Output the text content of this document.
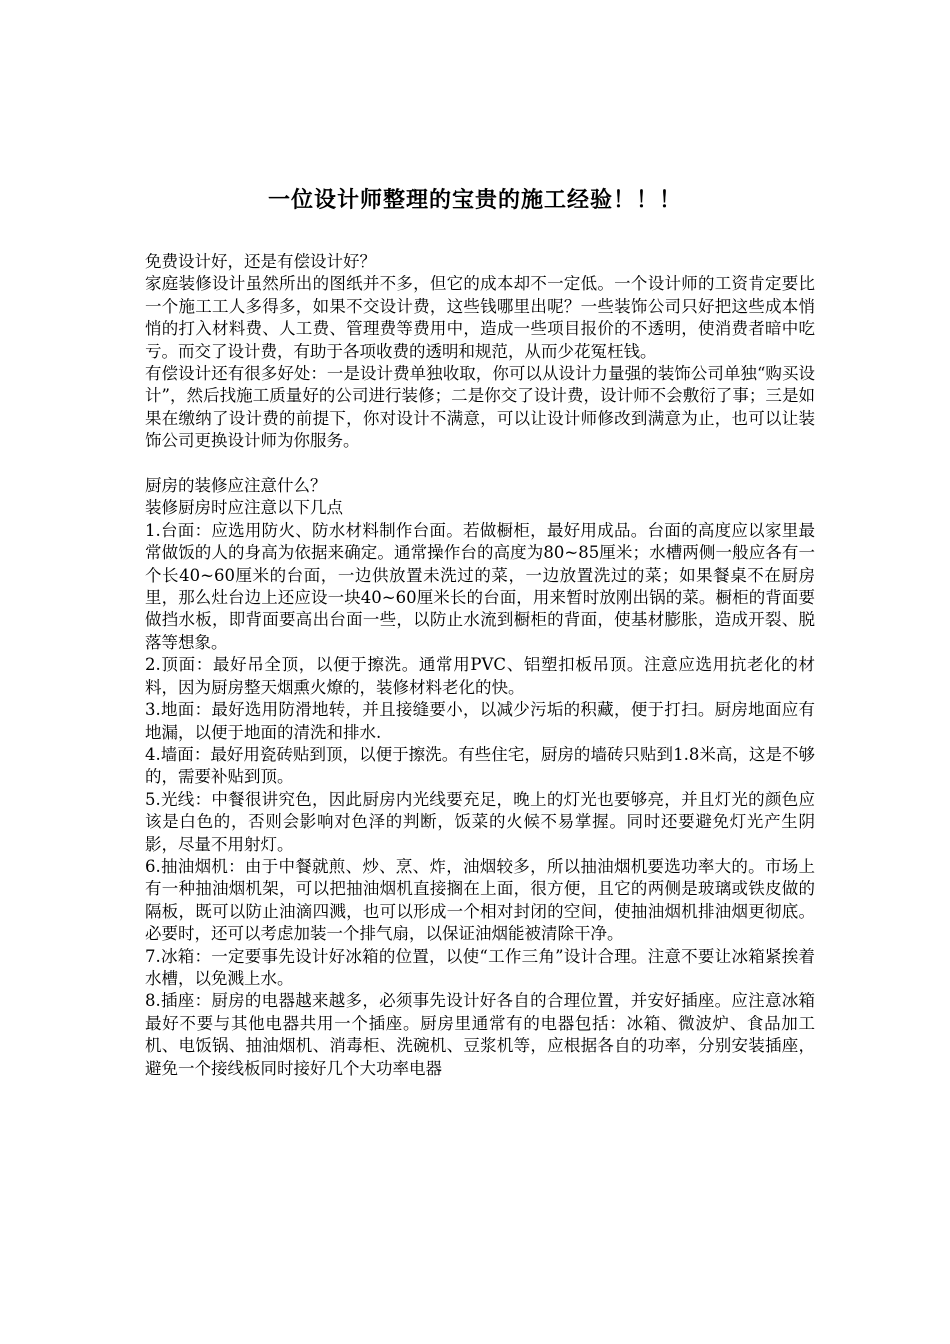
一位设计师整理的宝贵的施工经验！！！

免费设计好，还是有偿设计好？

家庭装修设计虽然所出的图纸并不多，但它的成本却不一定低。一个设计师的工资肯定要比一个施工工人多得多，如果不交设计费，这些钱哪里出呢？一些装饰公司只好把这些成本悄悄的打入材料费、人工费、管理费等费用中，造成一些项目报价的不透明，使消费者暗中吃亏。而交了设计费，有助于各项收费的透明和规范，从而少花冤枉钱。

有偿设计还有很多好处：一是设计费单独收取，你可以从设计力量强的装饰公司单独“购买设计”，然后找施工质量好的公司进行装修；二是你交了设计费，设计师不会敷衍了事；三是如果在缴纳了设计费的前提下，你对设计不满意，可以让设计师修改到满意为止，也可以让装饰公司更换设计师为你服务。

厨房的装修应注意什么？

装修厨房时应注意以下几点

1.台面：应选用防火、防水材料制作台面。若做橱柜，最好用成品。台面的高度应以家里最常做饭的人的身高为依据来确定。通常操作台的高度为80~85厘米；水槽两侧一般应各有一个长40~60厘米的台面，一边供放置未洗过的菜，一边放置洗过的菜；如果餐桌不在厨房里，那么灶台边上还应设一块40~60厘米长的台面，用来暂时放刚出锅的菜。橱柜的背面要做挡水板，即背面要高出台面一些，以防止水流到橱柜的背面，使基材膨胀，造成开裂、脱落等想象。

2.顶面：最好吊全顶，以便于擦洗。通常用PVC、铝塑扣板吊顶。注意应选用抗老化的材料，因为厨房整天烟熏火燎的，装修材料老化的快。

3.地面：最好选用防滑地转，并且接缝要小，以减少污垢的积藏，便于打扫。厨房地面应有地漏，以便于地面的清洗和排水.

4.墙面：最好用瓷砖贴到顶，以便于擦洗。有些住宅，厨房的墙砖只贴到1.8米高，这是不够的，需要补贴到顶。

5.光线：中餐很讲究色，因此厨房内光线要充足，晚上的灯光也要够亮，并且灯光的颜色应该是白色的，否则会影响对色泽的判断，饭菜的火候不易掌握。同时还要避免灯光产生阴影，尽量不用射灯。

6.抽油烟机：由于中餐就煎、炒、烹、炸，油烟较多，所以抽油烟机要选功率大的。市场上有一种抽油烟机架，可以把抽油烟机直接搁在上面，很方便，且它的两侧是玻璃或铁皮做的隔板，既可以防止油滴四溅，也可以形成一个相对封闭的空间，使抽油烟机排油烟更彻底。必要时，还可以考虑加装一个排气扇，以保证油烟能被清除干净。

7.冰箱：一定要事先设计好冰箱的位置，以使“工作三角”设计合理。注意不要让冰箱紧挨着水槽，以免溅上水。

8.插座：厨房的电器越来越多，必须事先设计好各自的合理位置，并安好插座。应注意冰箱最好不要与其他电器共用一个插座。厨房里通常有的电器包括：冰箱、微波炉、食品加工机、电饭锅、抽油烟机、消毒柜、洗碗机、豆浆机等，应根据各自的功率，分别安装插座，避免一个接线板同时接好几个大功率电器
